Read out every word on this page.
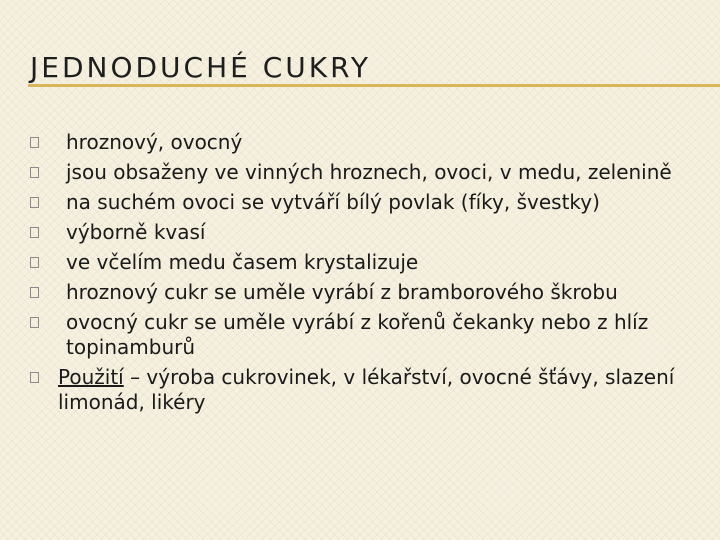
JEDNODUCHÉ CUKRY
hroznový, ovocný
jsou obsaženy ve vinných hroznech, ovoci, v medu, zelenině
na suchém ovoci se vytváří bílý povlak (fíky, švestky)
výborně kvasí
ve včelím medu časem krystalizuje
hroznový cukr se uměle vyrábí z bramborového škrobu
ovocný cukr se uměle vyrábí z kořenů čekanky nebo z hlíz topinamburů
Použití – výroba cukrovinek, v lékařství, ovocné šťávy, slazení limonád, likéry
